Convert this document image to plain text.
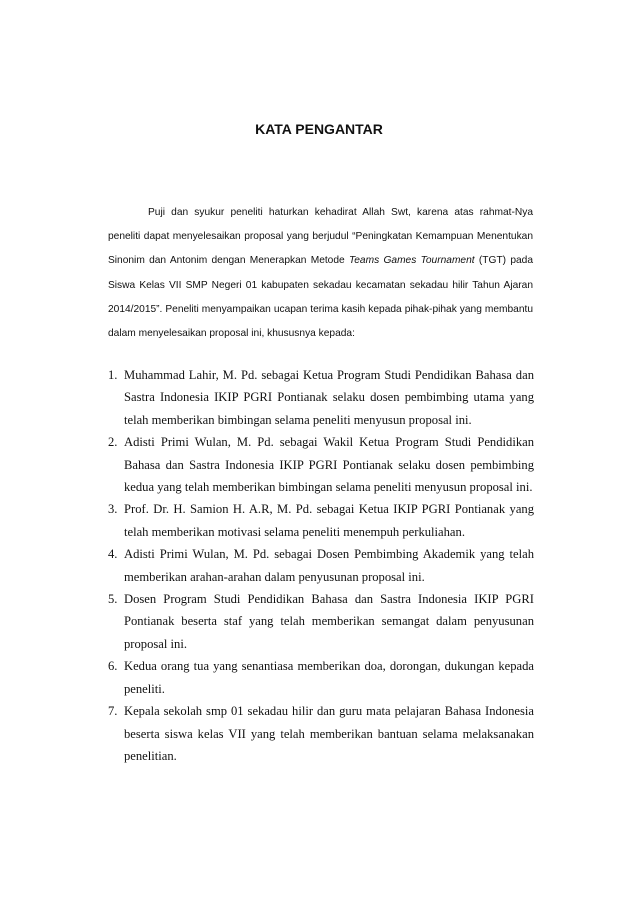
KATA PENGANTAR

Puji dan syukur peneliti haturkan kehadirat Allah Swt, karena atas rahmat-Nya peneliti dapat menyelesaikan proposal yang berjudul “Peningkatan Kemampuan Menentukan Sinonim dan Antonim dengan Menerapkan Metode Teams Games Tournament (TGT) pada Siswa Kelas VII SMP Negeri 01 kabupaten sekadau kecamatan sekadau hilir Tahun Ajaran 2014/2015”. Peneliti menyampaikan ucapan terima kasih kepada pihak-pihak yang membantu dalam menyelesaikan proposal ini, khususnya kepada:

1. Muhammad Lahir, M. Pd. sebagai Ketua Program Studi Pendidikan Bahasa dan Sastra Indonesia IKIP PGRI Pontianak selaku dosen pembimbing utama yang telah memberikan bimbingan selama peneliti menyusun proposal ini.
2. Adisti Primi Wulan, M. Pd. sebagai Wakil Ketua Program Studi Pendidikan Bahasa dan Sastra Indonesia IKIP PGRI Pontianak selaku dosen pembimbing kedua yang telah memberikan bimbingan selama peneliti menyusun proposal ini.
3. Prof. Dr. H. Samion H. A.R, M. Pd. sebagai Ketua IKIP PGRI Pontianak yang telah memberikan motivasi selama peneliti menempuh perkuliahan.
4. Adisti Primi Wulan, M. Pd. sebagai Dosen Pembimbing Akademik yang telah memberikan arahan-arahan dalam penyusunan proposal ini.
5. Dosen Program Studi Pendidikan Bahasa dan Sastra Indonesia IKIP PGRI Pontianak beserta staf yang telah memberikan semangat dalam penyusunan proposal ini.
6. Kedua orang tua yang senantiasa memberikan doa, dorongan, dukungan kepada peneliti.
7. Kepala sekolah smp 01 sekadau hilir dan guru mata pelajaran Bahasa Indonesia beserta siswa kelas VII yang telah memberikan bantuan selama melaksanakan penelitian.
